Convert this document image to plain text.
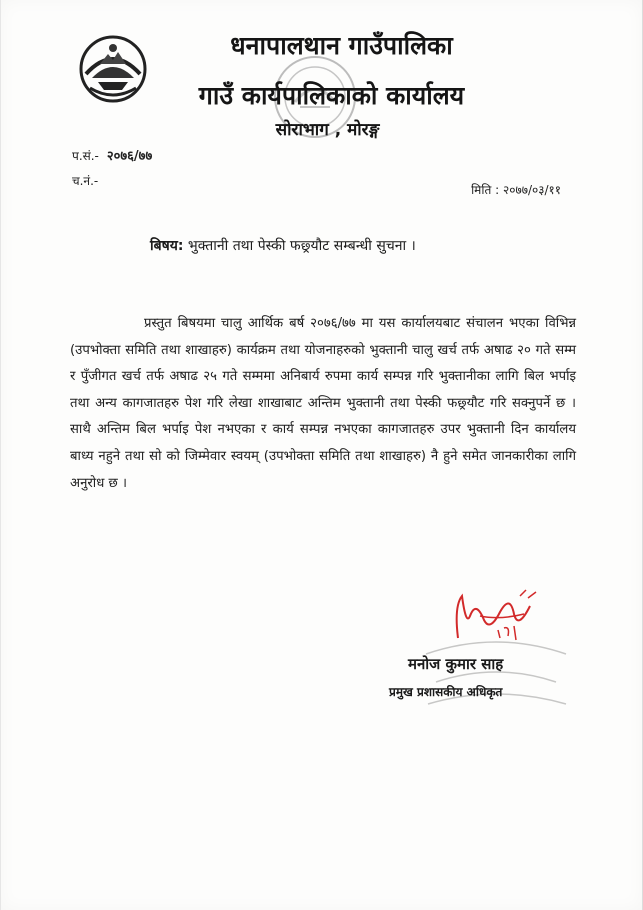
धनापालथान गाउँपालिका
गाउँ कार्यपालिकाको कार्यालय
सोराभाग , मोरङ्ग
प.सं.- २०७६/७७
च.नं.-
मिति : २०७७/०३/११
बिषय: भुक्तानी तथा पेस्की फछ्र्यौट सम्बन्धी सुचना ।
प्रस्तुत बिषयमा चालु आर्थिक बर्ष २०७६/७७ मा यस कार्यालयबाट संचालन भएका विभिन्न (उपभोक्ता समिति तथा शाखाहरु) कार्यक्रम तथा योजनाहरुको भुक्तानी चालु खर्च तर्फ अषाढ २० गते सम्म र पुँजीगत खर्च तर्फ अषाढ २५ गते सम्ममा अनिबार्य रुपमा कार्य सम्पन्न गरि भुक्तानीका लागि बिल भर्पाइ तथा अन्य कागजातहरु पेश गरि लेखा शाखाबाट अन्तिम भुक्तानी तथा पेस्की फछ्र्यौट गरि सक्नुपर्ने छ । साथै अन्तिम बिल भर्पाइ पेश नभएका र कार्य सम्पन्न नभएका कागजातहरु उपर भुक्तानी दिन कार्यालय बाध्य नहुने तथा सो को जिम्मेवार स्वयम् (उपभोक्ता समिति तथा शाखाहरु) नै हुने समेत जानकारीका लागि अनुरोध छ ।
मनोज कुमार साह
प्रमुख प्रशासकीय अधिकृत
